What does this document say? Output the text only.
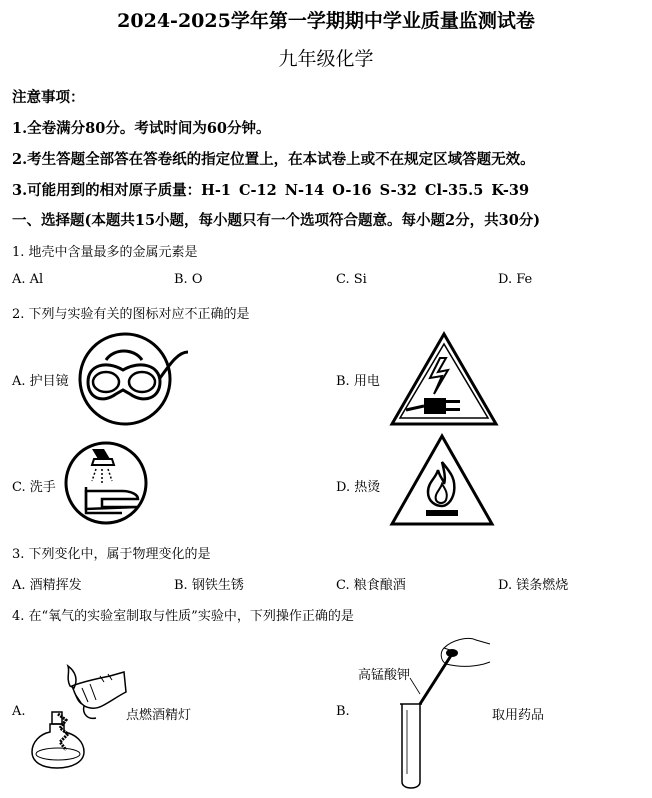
2024-2025学年第一学期期中学业质量监测试卷
九年级化学
注意事项：
1.全卷满分80分。考试时间为60分钟。
2.考生答题全部答在答卷纸的指定位置上，在本试卷上或不在规定区域答题无效。
3.可能用到的相对原子质量：H-1 C-12 N-14 O-16 S-32 Cl-35.5 K-39
一、选择题(本题共15小题，每小题只有一个选项符合题意。每小题2分，共30分)
1. 地壳中含量最多的金属元素是
A. Al	B. O	C. Si	D. Fe
2. 下列与实验有关的图标对应不正确的是
A. 护目镜	B. 用电
C. 洗手	D. 热烫
3. 下列变化中，属于物理变化的是
A. 酒精挥发	B. 钢铁生锈	C. 粮食酿酒	D. 镁条燃烧
4. 在“氧气的实验室制取与性质”实验中，下列操作正确的是
A.	点燃酒精灯	B.
高锰酸钾
取用药品
